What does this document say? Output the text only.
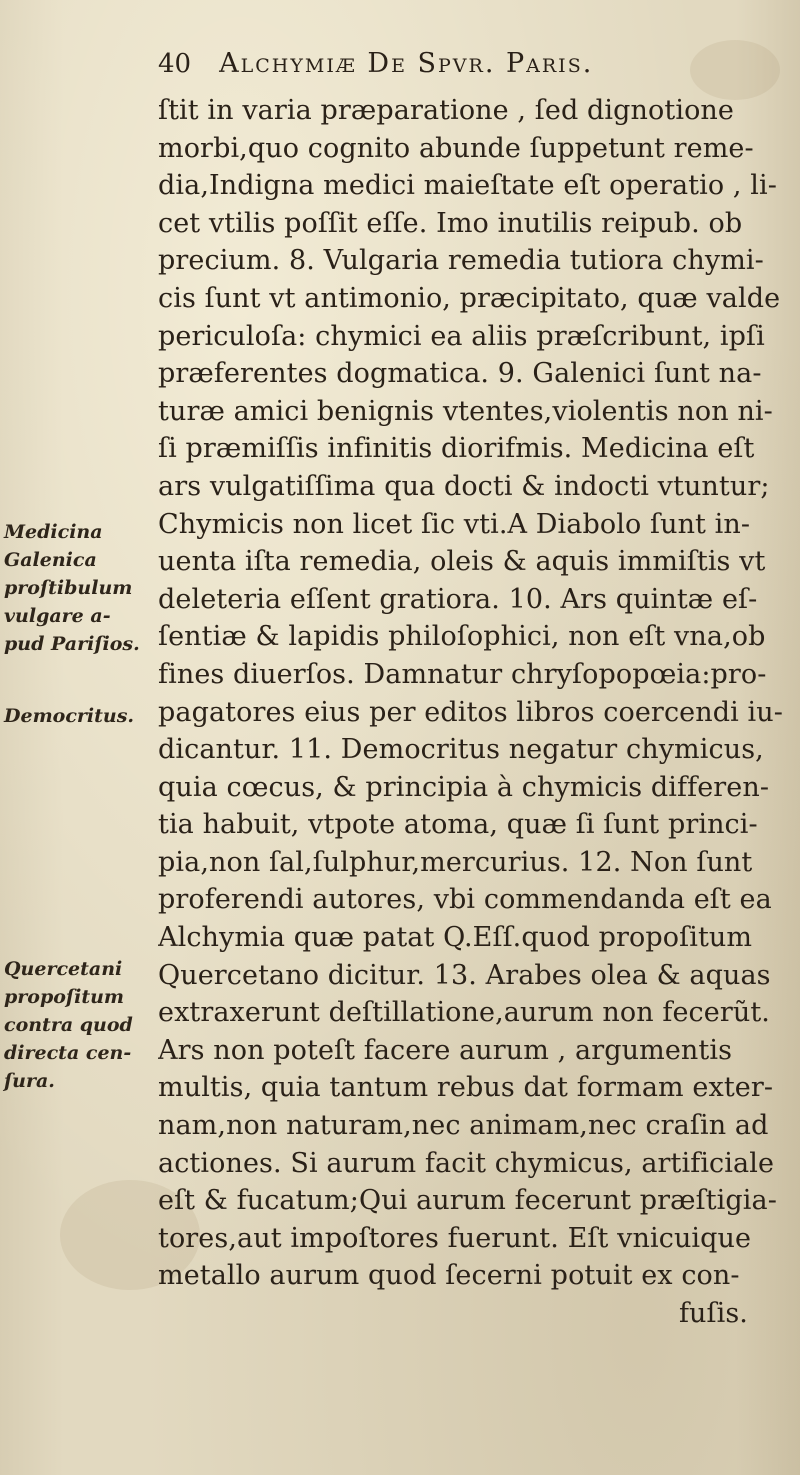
40 Alchymiæ De Spvr. Paris.
ſtit in varia præparatione , ſed dignotione
morbi,quo cognito abunde ſuppetunt reme-
dia,Indigna medici maieſtate eſt operatio , li-
cet vtilis poſſit eſſe. Imo inutilis reipub. ob
precium. 8. Vulgaria remedia tutiora chymi-
cis ſunt vt antimonio, præcipitato, quæ valde
periculoſa: chymici ea aliis præſcribunt, ipſi
præferentes dogmatica. 9. Galenici ſunt na-
turæ amici benignis vtentes,violentis non ni-
ſi præmiſſis infinitis diorifmis. Medicina eſt
ars vulgatiſſima qua docti & indocti vtuntur;
Chymicis non licet ſic vti.A Diabolo ſunt in-
uenta iſta remedia, oleis & aquis immiſtis vt
deleteria eſſent gratiora. 10. Ars quintæ eſ-
ſentiæ & lapidis philoſophici, non eſt vna,ob
fines diuerſos. Damnatur chryſopopœia:pro-
pagatores eius per editos libros coercendi iu-
dicantur. 11. Democritus negatur chymicus,
quia cœcus, & principia à chymicis differen-
tia habuit, vtpote atoma, quæ ſi ſunt princi-
pia,non ſal,ſulphur,mercurius. 12. Non ſunt
proferendi autores, vbi commendanda eſt ea
Alchymia quæ patat Q.Eſſ.quod propoſitum
Quercetano dicitur. 13. Arabes olea & aquas
extraxerunt deſtillatione,aurum non fecerũt.
Ars non poteſt facere aurum , argumentis
multis, quia tantum rebus dat formam exter-
nam,non naturam,nec animam,nec craſin ad
actiones. Si aurum facit chymicus, artificiale
eſt & fucatum;Qui aurum fecerunt præſtigia-
tores,aut impoſtores fuerunt. Eſt vnicuique
metallo aurum quod ſecerni potuit ex con-
fuſis.
Medicina
Galenica
proſtibulum
vulgare a-
pud Pariſios.
Democritus.
Quercetani
propoſitum
contra quod
directa cen-
ſura.
